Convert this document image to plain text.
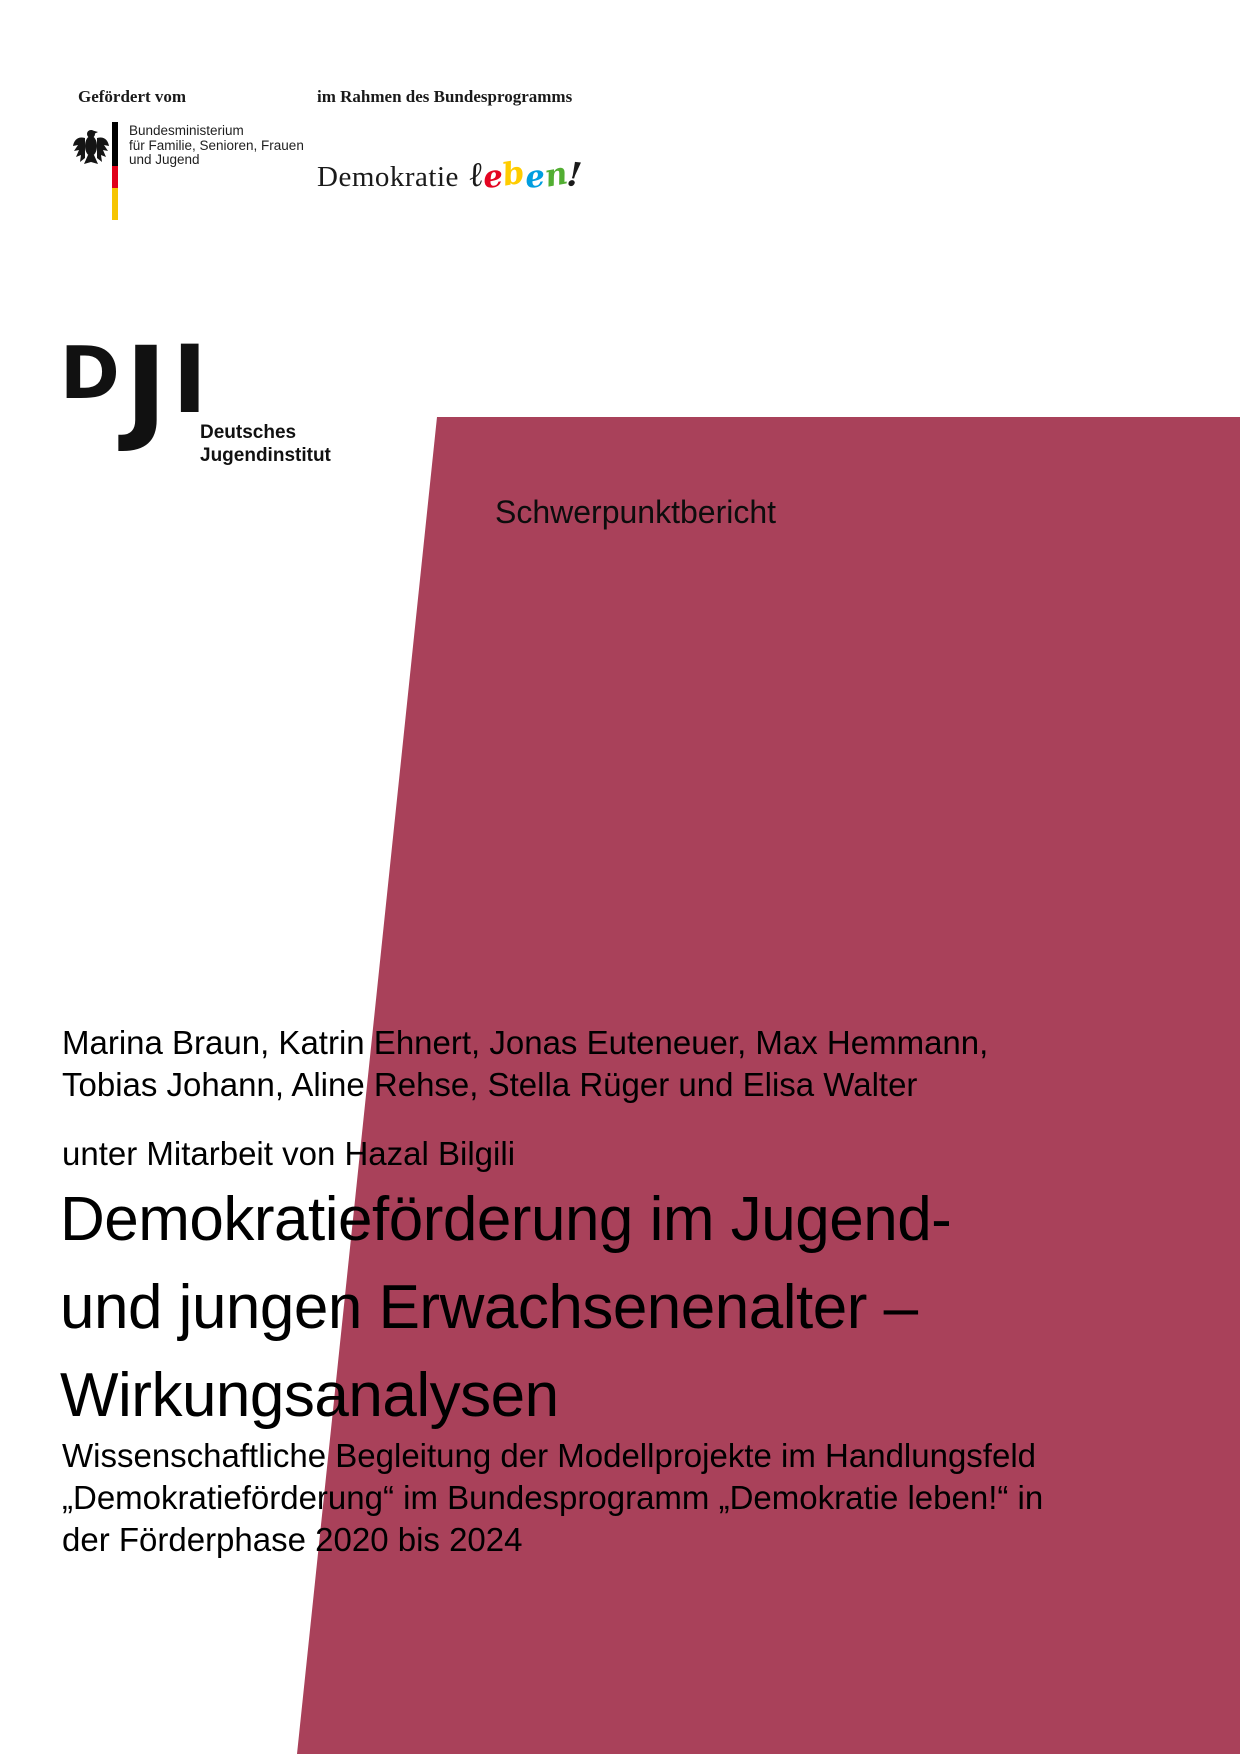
Gefördert vom	im Rahmen des Bundesprogramms
Bundesministerium
für Familie, Senioren, Frauen
und Jugend
Demokratie ℓeben!
D J I
Deutsches
Jugendinstitut
Schwerpunktbericht
Marina Braun, Katrin Ehnert, Jonas Euteneuer, Max Hemmann,
Tobias Johann, Aline Rehse, Stella Rüger und Elisa Walter
unter Mitarbeit von Hazal Bilgili
Demokratieförderung im Jugend-
und jungen Erwachsenenalter –
Wirkungsanalysen
Wissenschaftliche Begleitung der Modellprojekte im Handlungsfeld
„Demokratieförderung“ im Bundesprogramm „Demokratie leben!“ in
der Förderphase 2020 bis 2024
